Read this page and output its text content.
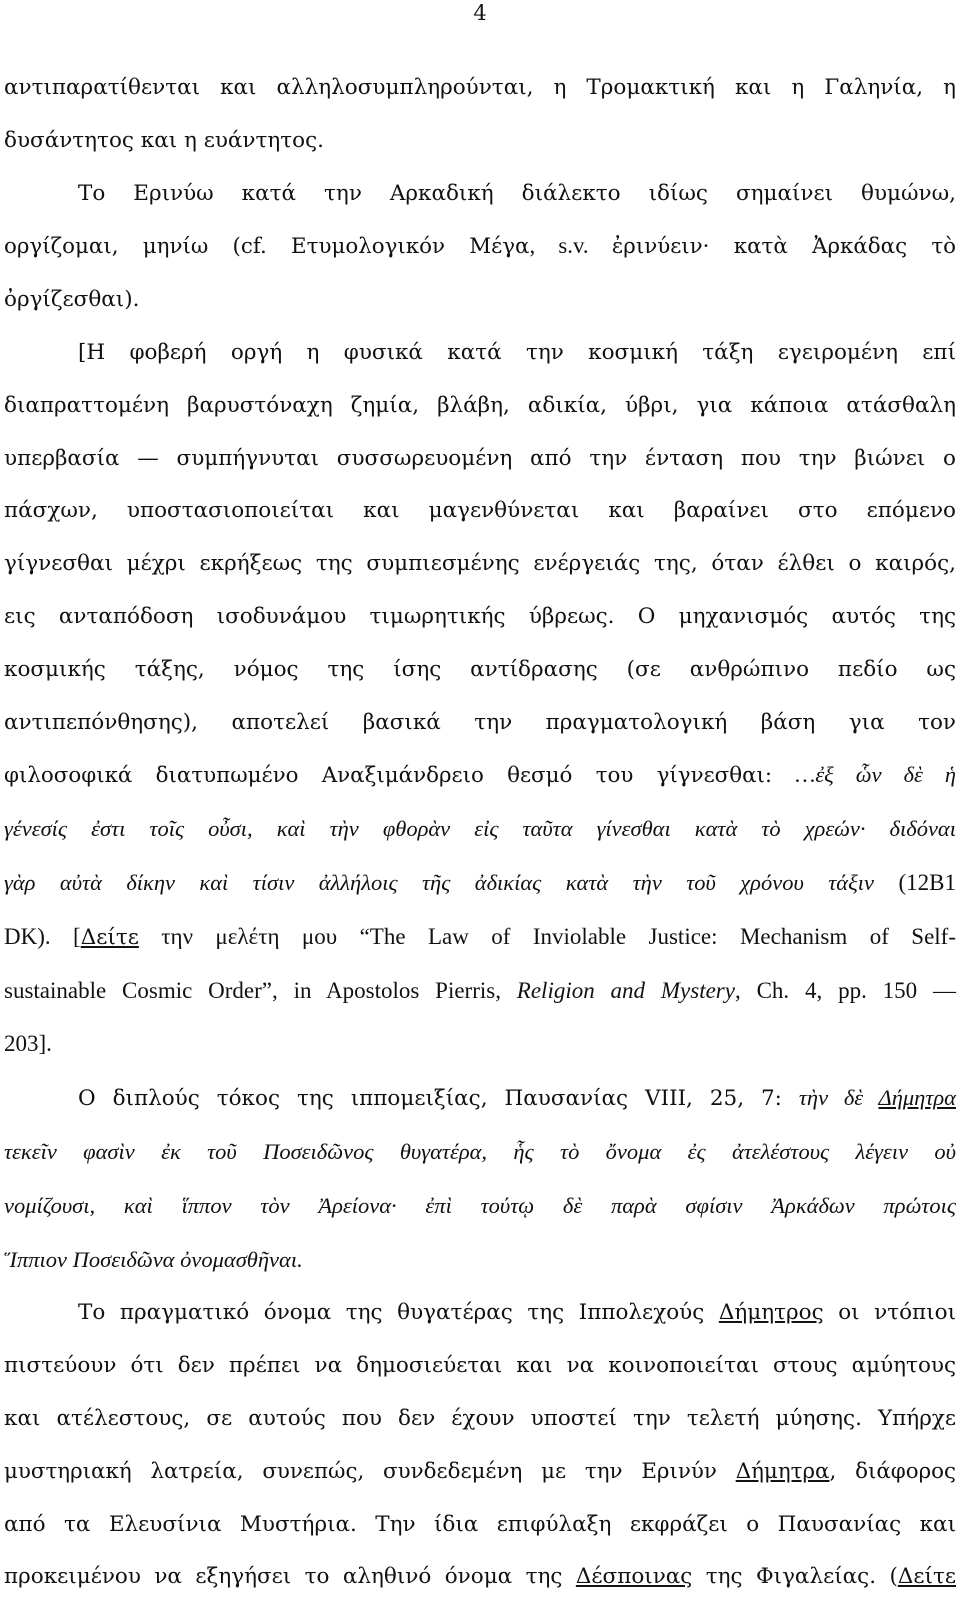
4

αντιπαρατίθενται και αλληλοσυμπληρούνται, η Τρομακτική και η Γαληνία, η
δυσάντητος και η ευάντητος.

Το Ερινύω κατά την Αρκαδική διάλεκτο ιδίως σημαίνει θυμώνω,
οργίζομαι, μηνίω (cf. Ετυμολογικόν Μέγα, s.v. ἐρινύειν· κατὰ Ἀρκάδας τὸ
ὀργίζεσθαι).

[Η φοβερή οργή η φυσικά κατά την κοσμική τάξη εγειρομένη επί
διαπραττομένη βαρυστόναχη ζημία, βλάβη, αδικία, ύβρι, για κάποια ατάσθαλη
υπερβασία — συμπήγνυται συσσωρευομένη από την ένταση που την βιώνει ο
πάσχων, υποστασιοποιείται και μαγενθύνεται και βαραίνει στο επόμενο
γίγνεσθαι μέχρι εκρήξεως της συμπιεσμένης ενέργειάς της, όταν έλθει ο καιρός,
εις ανταπόδοση ισοδυνάμου τιμωρητικής ύβρεως. Ο μηχανισμός αυτός της
κοσμικής τάξης, νόμος της ίσης αντίδρασης (σε ανθρώπινο πεδίο ως
αντιπεπόνθησης), αποτελεί βασικά την πραγματολογική βάση για τον
φιλοσοφικά διατυπωμένο Αναξιμάνδρειο θεσμό του γίγνεσθαι: …ἐξ ὧν δὲ ἡ
γένεσίς ἐστι τοῖς οὖσι, καὶ τὴν φθορὰν εἰς ταῦτα γίνεσθαι κατὰ τὸ χρεών· διδόναι
γὰρ αὐτὰ δίκην καὶ τίσιν ἀλλήλοις τῆς ἀδικίας κατὰ τὴν τοῦ χρόνου τάξιν (12B1
DK). [Δείτε την μελέτη μου “The Law of Inviolable Justice: Mechanism of Self-
sustainable Cosmic Order”, in Apostolos Pierris, Religion and Mystery, Ch. 4, pp. 150 —
203].

Ο διπλούς τόκος της ιππομειξίας, Παυσανίας VIII, 25, 7: τὴν δὲ Δήμητρα
τεκεῖν φασὶν ἐκ τοῦ Ποσειδῶνος θυγατέρα, ἧς τὸ ὄνομα ἐς ἀτελέστους λέγειν οὐ
νομίζουσι, καὶ ἵππον τὸν Ἀρείονα· ἐπὶ τούτῳ δὲ παρὰ σφίσιν Ἀρκάδων πρώτοις
Ἵππιον Ποσειδῶνα ὀνομασθῆναι.

Το πραγματικό όνομα της θυγατέρας της Ιππολεχούς Δήμητρος οι ντόπιοι
πιστεύουν ότι δεν πρέπει να δημοσιεύεται και να κοινοποιείται στους αμύητους
και ατέλεστους, σε αυτούς που δεν έχουν υποστεί την τελετή μύησης. Υπήρχε
μυστηριακή λατρεία, συνεπώς, συνδεδεμένη με την Ερινύν Δήμητρα, διάφορος
από τα Ελευσίνια Μυστήρια. Την ίδια επιφύλαξη εκφράζει ο Παυσανίας και
προκειμένου να εξηγήσει το αληθινό όνομα της Δέσποινας της Φιγαλείας. (Δείτε
